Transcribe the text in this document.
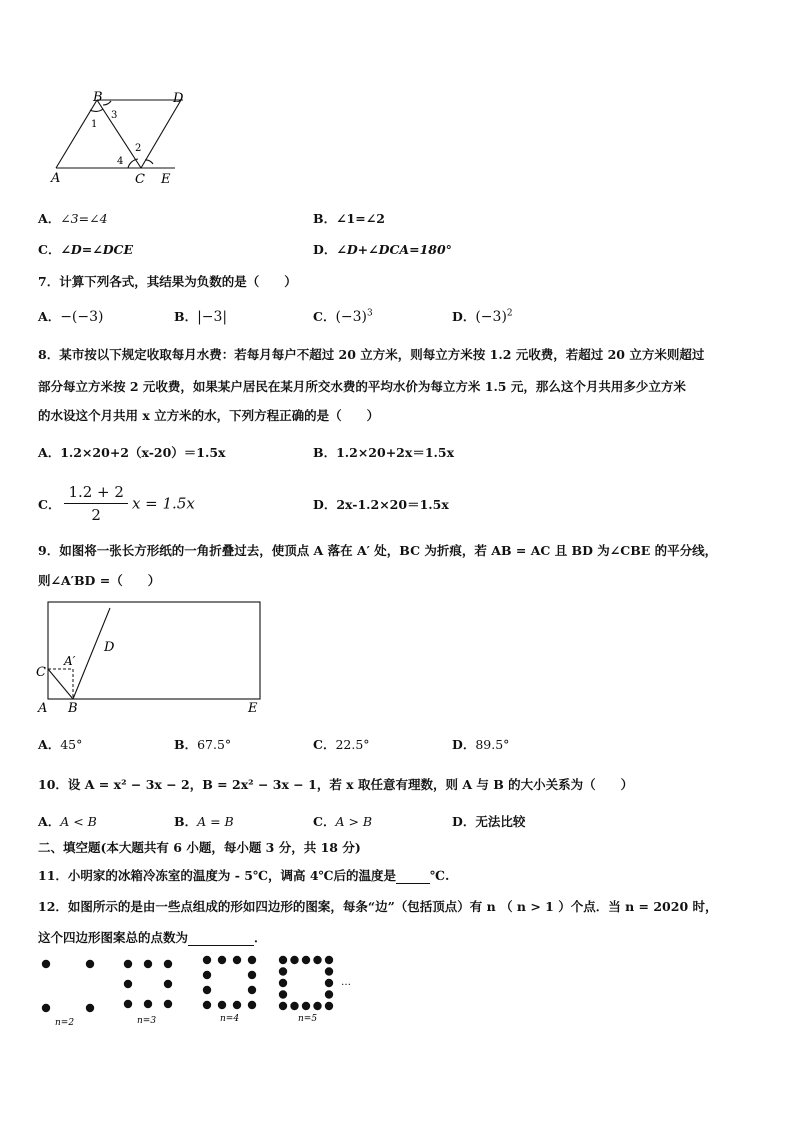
B	D
A	C E
1
3
2
4
A．∠3=∠4	B．∠1=∠2
C．∠D=∠DCE	D．∠D+∠DCA=180°
7．计算下列各式，其结果为负数的是（　　）
A．−(−3)	B．|−3|	C．$(-3)^3$	D．$(-3)^2$
8．某市按以下规定收取每月水费：若每月每户不超过 20 立方米，则每立方米按 1.2 元收费，若超过 20 立方米则超过
部分每立方米按 2 元收费，如果某户居民在某月所交水费的平均水价为每立方米 1.5 元，那么这个月共用多少立方米
的水设这个月共用 x 立方米的水，下列方程正确的是（　　）
A．1.2×20+2（x-20）＝1.5x	B．1.2×20+2x＝1.5x
C． $\frac{1.2 + 2}{2}$ x = 1.5x	D．2x-1.2×20＝1.5x
9．如图将一张长方形纸的一角折叠过去，使顶点 A 落在 A′ 处，BC 为折痕，若 AB = AC 且 BD 为∠CBE 的平分线，
则∠A′BD =（　　）
C
A′
D
A B	E
A．45°	B．67.5°	C．22.5°	D．89.5°
10．设 A = x² − 3x − 2，B = 2x² − 3x − 1，若 x 取任意有理数，则 A 与 B 的大小关系为（　　）
A．A < B	B．A = B	C．A > B	D．无法比较
二、填空题(本大题共有 6 小题，每小题 3 分，共 18 分)
11．小明家的冰箱冷冻室的温度为 - 5℃，调高 4℃后的温度是	℃.
12．如图所示的是由一些点组成的形如四边形的图案，每条“边”（包括顶点）有 n （ n > 1 ）个点．当 n = 2020 时，
这个四边形图案总的点数为	．
n=2	n=3	n=4	n=5
…
